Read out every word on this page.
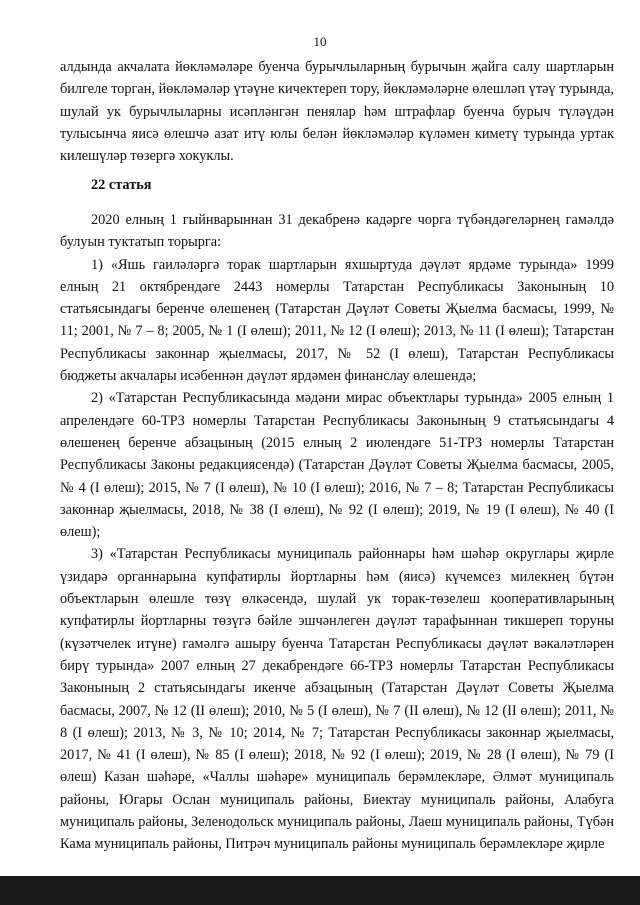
10

алдында акчалата йөкләмәләре буенча бурычлыларның бурычын җайга салу шартларын билгеле торган, йөкләмәләр үтәүне кичектереп тору, йөкләмәләрне өлешләп үтәү турында, шулай ук бурычлыларны исәпләнгән пенялар һәм штрафлар буенча бурыч түләүдән тулысынча яисә өлешчә азат итү юлы белән йөкләмәләр күләмен киметү турында уртак килешүләр төзергә хокуклы.

22 статья

2020 елның 1 гыйнварыннан 31 декабренә кадәрге чорга түбәндәгеләрнең гамәлдә булуын туктатып торырга:

1) «Яшь гаиләләргә торак шартларын яхшыртуда дәүләт ярдәме турында» 1999 елның 21 октябрендәге 2443 номерлы Татарстан Республикасы Законының 10 статьясындагы беренче өлешенең (Татарстан Дәүләт Советы Җыелма басмасы, 1999, № 11; 2001, № 7 – 8; 2005, № 1 (I өлеш); 2011, № 12 (I өлеш); 2013, № 11 (I өлеш); Татарстан Республикасы законнар җыелмасы, 2017, № 52 (I өлеш), Татарстан Республикасы бюджеты акчалары исәбеннән дәүләт ярдәмен финанслау өлешендә;

2) «Татарстан Республикасында мәдәни мирас объектлары турында» 2005 елның 1 апрелендәге 60-ТРЗ номерлы Татарстан Республикасы Законының 9 статьясындагы 4 өлешенең беренче абзацының (2015 елның 2 июлендәге 51-ТРЗ номерлы Татарстан Республикасы Законы редакциясендә) (Татарстан Дәүләт Советы Җыелма басмасы, 2005, № 4 (I өлеш); 2015, № 7 (I өлеш), № 10 (I өлеш); 2016, № 7 – 8; Татарстан Республикасы законнар җыелмасы, 2018, № 38 (I өлеш), № 92 (I өлеш); 2019, № 19 (I өлеш), № 40 (I өлеш);

3) «Татарстан Республикасы муниципаль районнары һәм шәһәр округлары җирле үзидарә органнарына купфатирлы йортларны һәм (яисә) күчемсез милекнең бүтән объектларын өлешле төзү өлкәсендә, шулай ук торак-төзелеш кооперативларының купфатирлы йортларны төзүгә бәйле эшчәнлеген дәүләт тарафыннан тикшереп торуны (күзәтчелек итүне) гамәлгә ашыру буенча Татарстан Республикасы дәүләт вәкаләтләрен бирү турында» 2007 елның 27 декабрендәге 66-ТРЗ номерлы Татарстан Республикасы Законының 2 статьясындагы икенче абзацының (Татарстан Дәүләт Советы Җыелма басмасы, 2007, № 12 (II өлеш); 2010, № 5 (I өлеш), № 7 (II өлеш), № 12 (II өлеш); 2011, № 8 (I өлеш); 2013, № 3, № 10; 2014, № 7; Татарстан Республикасы законнар җыелмасы, 2017, № 41 (I өлеш), № 85 (I өлеш); 2018, № 92 (I өлеш); 2019, № 28 (I өлеш), № 79 (I өлеш) Казан шәһәре, «Чаллы шәһәре» муниципаль берәмлекләре, Әлмәт муниципаль районы, Югары Ослан муниципаль районы, Биектау муниципаль районы, Алабуга муниципаль районы, Зеленодольск муниципаль районы, Лаеш муниципаль районы, Түбән Кама муниципаль районы, Питрәч муниципаль районы муниципаль берәмлекләре җирле
